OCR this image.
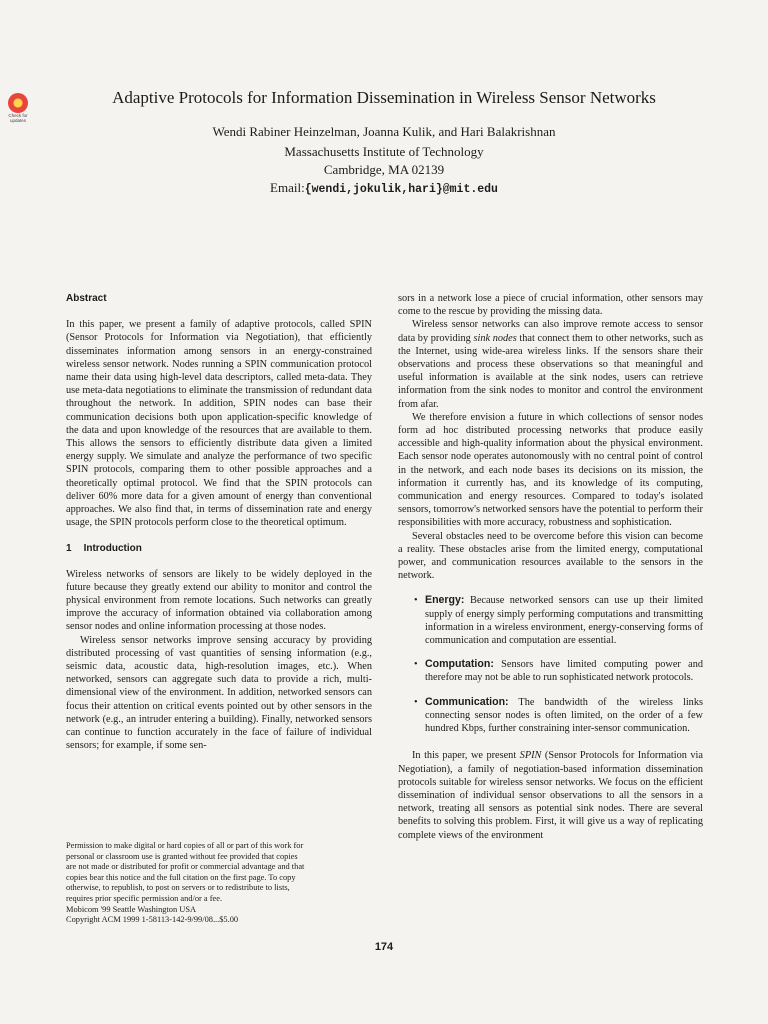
Check for updates
Adaptive Protocols for Information Dissemination in Wireless Sensor Networks
Wendi Rabiner Heinzelman, Joanna Kulik, and Hari Balakrishnan
Massachusetts Institute of Technology
Cambridge, MA 02139
Email:{wendi,jokulik,hari}@mit.edu
Abstract

In this paper, we present a family of adaptive protocols, called SPIN (Sensor Protocols for Information via Negotiation), that efficiently disseminates information among sensors in an energy-constrained wireless sensor network. Nodes running a SPIN communication protocol name their data using high-level data descriptors, called meta-data. They use meta-data negotiations to eliminate the transmission of redundant data throughout the network. In addition, SPIN nodes can base their communication decisions both upon application-specific knowledge of the data and upon knowledge of the resources that are available to them. This allows the sensors to efficiently distribute data given a limited energy supply. We simulate and analyze the performance of two specific SPIN protocols, comparing them to other possible approaches and a theoretically optimal protocol. We find that the SPIN protocols can deliver 60% more data for a given amount of energy than conventional approaches. We also find that, in terms of dissemination rate and energy usage, the SPIN protocols perform close to the theoretical optimum.

1 Introduction

Wireless networks of sensors are likely to be widely deployed in the future because they greatly extend our ability to monitor and control the physical environment from remote locations. Such networks can greatly improve the accuracy of information obtained via collaboration among sensor nodes and online information processing at those nodes.

Wireless sensor networks improve sensing accuracy by providing distributed processing of vast quantities of sensing information (e.g., seismic data, acoustic data, high-resolution images, etc.). When networked, sensors can aggregate such data to provide a rich, multi-dimensional view of the environment. In addition, networked sensors can focus their attention on critical events pointed out by other sensors in the network (e.g., an intruder entering a building). Finally, networked sensors can continue to function accurately in the face of failure of individual sensors; for example, if some sen-

sors in a network lose a piece of crucial information, other sensors may come to the rescue by providing the missing data.

Wireless sensor networks can also improve remote access to sensor data by providing sink nodes that connect them to other networks, such as the Internet, using wide-area wireless links. If the sensors share their observations and process these observations so that meaningful and useful information is available at the sink nodes, users can retrieve information from the sink nodes to monitor and control the environment from afar.

We therefore envision a future in which collections of sensor nodes form ad hoc distributed processing networks that produce easily accessible and high-quality information about the physical environment. Each sensor node operates autonomously with no central point of control in the network, and each node bases its decisions on its mission, the information it currently has, and its knowledge of its computing, communication and energy resources. Compared to today's isolated sensors, tomorrow's networked sensors have the potential to perform their responsibilities with more accuracy, robustness and sophistication.

Several obstacles need to be overcome before this vision can become a reality. These obstacles arise from the limited energy, computational power, and communication resources available to the sensors in the network.

• Energy: Because networked sensors can use up their limited supply of energy simply performing computations and transmitting information in a wireless environment, energy-conserving forms of communication and computation are essential.
• Computation: Sensors have limited computing power and therefore may not be able to run sophisticated network protocols.
• Communication: The bandwidth of the wireless links connecting sensor nodes is often limited, on the order of a few hundred Kbps, further constraining inter-sensor communication.

In this paper, we present SPIN (Sensor Protocols for Information via Negotiation), a family of negotiation-based information dissemination protocols suitable for wireless sensor networks. We focus on the efficient dissemination of individual sensor observations to all the sensors in a network, treating all sensors as potential sink nodes. There are several benefits to solving this problem. First, it will give us a way of replicating complete views of the environment

Permission to make digital or hard copies of all or part of this work for
personal or classroom use is granted without fee provided that copies
are not made or distributed for profit or commercial advantage and that
copies bear this notice and the full citation on the first page. To copy
otherwise, to republish, to post on servers or to redistribute to lists,
requires prior specific permission and/or a fee.
Mobicom '99 Seattle Washington USA
Copyright ACM 1999 1-58113-142-9/99/08...$5.00
174
